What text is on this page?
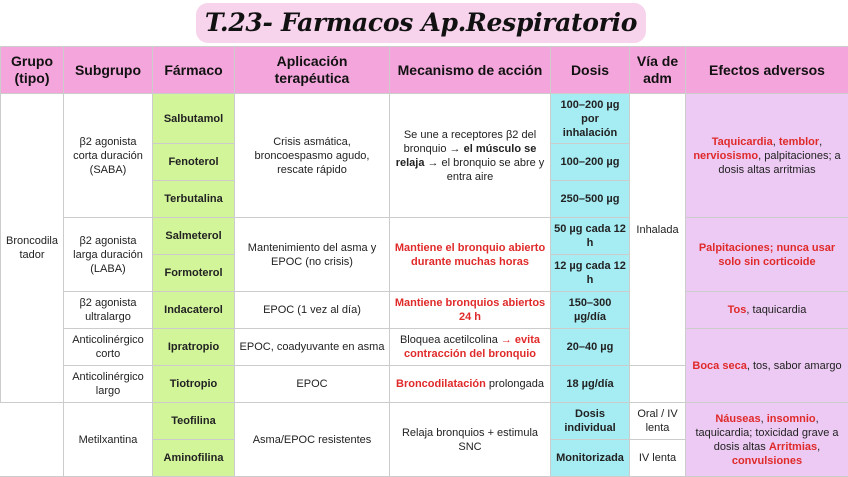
T.23- Farmacos Ap.Respiratorio
Grupo (tipo)	Subgrupo	Fármaco	Aplicación terapéutica	Mecanismo de acción	Dosis	Vía de adm	Efectos adversos
Broncodila tador	β2 agonista corta duración (SABA)	Salbutamol	Crisis asmática, broncoespasmo agudo, rescate rápido	Se une a receptores β2 del bronquio → el músculo se relaja → el bronquio se abre y entra aire	100–200 µg por inhalación	Inhalada	Taquicardia, temblor, nerviosismo, palpitaciones; a dosis altas arritmias
		Fenoterol			100–200 µg		
		Terbutalina			250–500 µg		
	β2 agonista larga duración (LABA)	Salmeterol	Mantenimiento del asma y EPOC (no crisis)	Mantiene el bronquio abierto durante muchas horas	50 µg cada 12 h		Palpitaciones; nunca usar solo sin corticoide
		Formoterol			12 µg cada 12 h		
	β2 agonista ultralargo	Indacaterol	EPOC (1 vez al día)	Mantiene bronquios abiertos 24 h	150–300 µg/día		Tos, taquicardia
	Anticolinérgico corto	Ipratropio	EPOC, coadyuvante en asma	Bloquea acetilcolina → evita contracción del bronquio	20–40 µg		Boca seca, tos, sabor amargo
	Anticolinérgico largo	Tiotropio	EPOC	Broncodilatación prolongada	18 µg/día		
	Metilxantina	Teofilina	Asma/EPOC resistentes	Relaja bronquios + estimula SNC	Dosis individual	Oral / IV lenta	Náuseas, insomnio, taquicardia; toxicidad grave a dosis altas Arritmias, convulsiones
		Aminofilina			Monitorizada	IV lenta	
